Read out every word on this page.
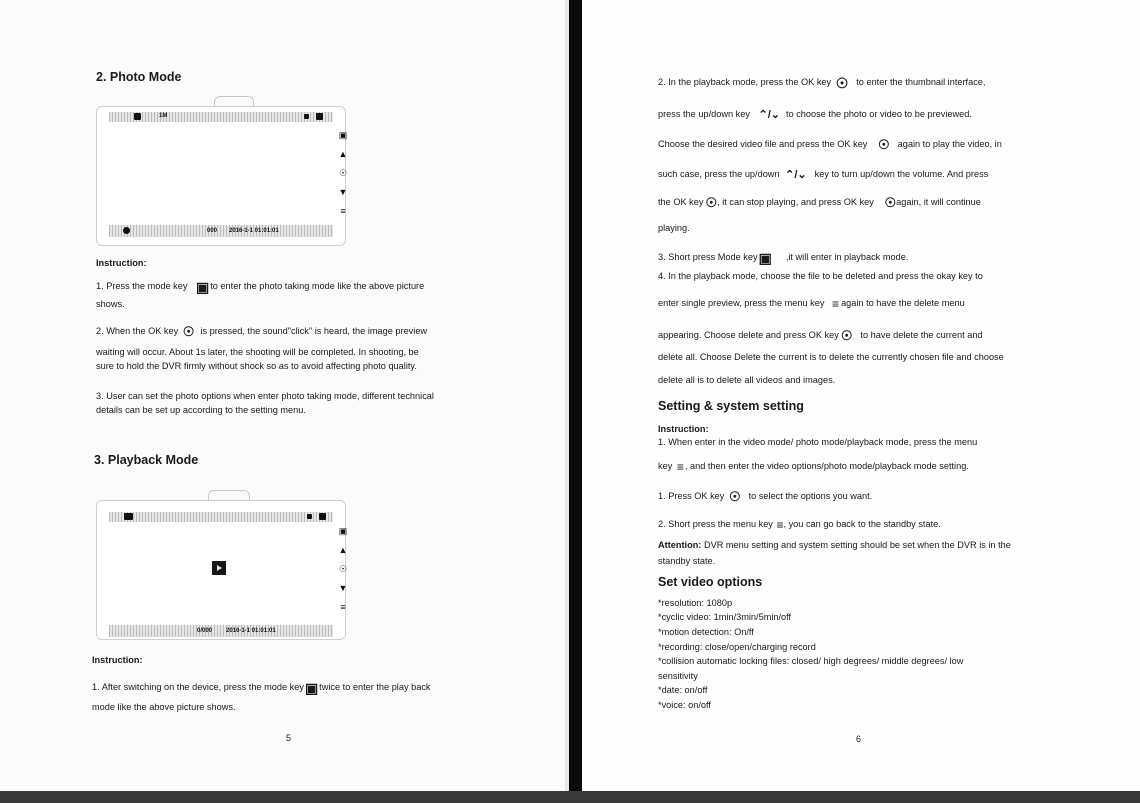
2. Photo Mode
1M
000 2016-1-1 01:01:01
▣
▲
☉
▼
≡
Instruction:
1. Press the mode key ▣to enter the photo taking mode like the above picture
shows.
2. When the OK key ☉ is pressed, the sound"click" is heard, the image preview
waiting will occur. About 1s later, the shooting will be completed. In shooting, be
sure to hold the DVR firmly without shock so as to avoid affecting photo quality.
3. User can set the photo options when enter photo taking mode, different technical
details can be set up according to the setting menu.
3. Playback Mode
0/000 2016-1-1 01:01:01
▣
▲
☉
▼
≡
Instruction:
1. After switching on the device, press the mode key▣twice to enter the play back
mode like the above picture shows.
5
2. In the playback mode, press the OK key ☉ to enter the thumbnail interface,
press the up/down key ⌃/⌄ to choose the photo or video to be previewed.
Choose the desired video file and press the OK key ☉ again to play the video, in
such case, press the up/down ⌃/⌄ key to turn up/down the volume. And press
the OK key ☉, it can stop playing, and press OK key ☉again, it will continue
playing.
3. Short press Mode key▣ ,it will enter in playback mode.
4. In the playback mode, choose the file to be deleted and press the okay key to
enter single preview, press the menu key ≡ again to have the delete menu
appearing. Choose delete and press OK key ☉ to have delete the current and
delete all. Choose Delete the current is to delete the currently chosen file and choose
delete all is to delete all videos and images.
Setting & system setting
Instruction:
1. When enter in the video mode/ photo mode/playback mode, press the menu
key ≡, and then enter the video options/photo mode/playback mode setting.
1. Press OK key ☉ to select the options you want.
2. Short press the menu key ≡, you can go back to the standby state.
Attention: DVR menu setting and system setting should be set when the DVR is in the
standby state.
Set video options
*resolution: 1080p
*cyclic video: 1min/3min/5min/off
*motion detection: On/ff
*recording: close/open/charging record
*collision automatic locking files: closed/ high degrees/ middle degrees/ low
sensitivity
*date: on/off
*voice: on/off
6
